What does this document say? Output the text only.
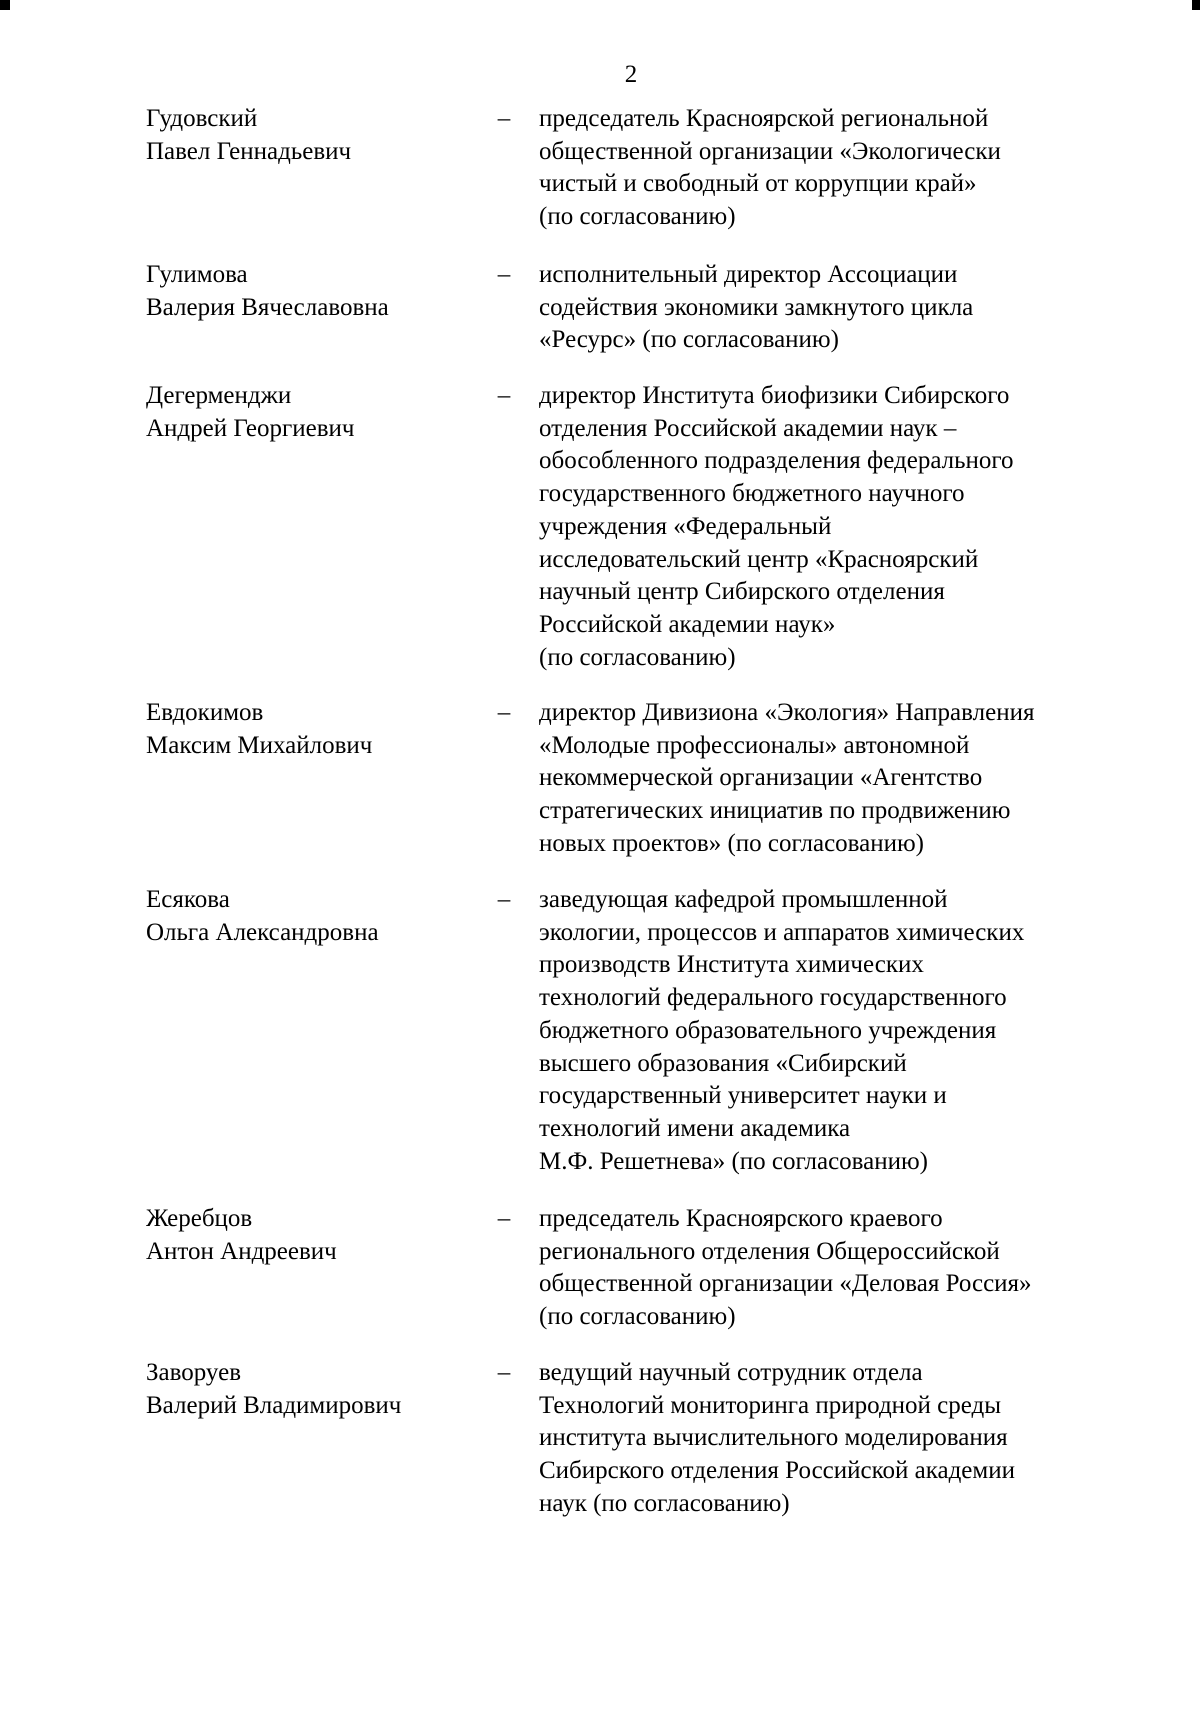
2
Гудовский
Павел Геннадьевич
– председатель Красноярской региональной
общественной организации «Экологически
чистый и свободный от коррупции край»
(по согласованию)
Гулимова
Валерия Вячеславовна
– исполнительный директор Ассоциации
содействия экономики замкнутого цикла
«Ресурс» (по согласованию)
Дегерменджи
Андрей Георгиевич
– директор Института биофизики Сибирского
отделения Российской академии наук –
обособленного подразделения федерального
государственного бюджетного научного
учреждения «Федеральный
исследовательский центр «Красноярский
научный центр Сибирского отделения
Российской академии наук»
(по согласованию)
Евдокимов
Максим Михайлович
– директор Дивизиона «Экология» Направления
«Молодые профессионалы» автономной
некоммерческой организации «Агентство
стратегических инициатив по продвижению
новых проектов» (по согласованию)
Есякова
Ольга Александровна
– заведующая кафедрой промышленной
экологии, процессов и аппаратов химических
производств Института химических
технологий федерального государственного
бюджетного образовательного учреждения
высшего образования «Сибирский
государственный университет науки и
технологий имени академика
М.Ф. Решетнева» (по согласованию)
Жеребцов
Антон Андреевич
– председатель Красноярского краевого
регионального отделения Общероссийской
общественной организации «Деловая Россия»
(по согласованию)
Заворуев
Валерий Владимирович
– ведущий научный сотрудник отдела
Технологий мониторинга природной среды
института вычислительного моделирования
Сибирского отделения Российской академии
наук (по согласованию)
